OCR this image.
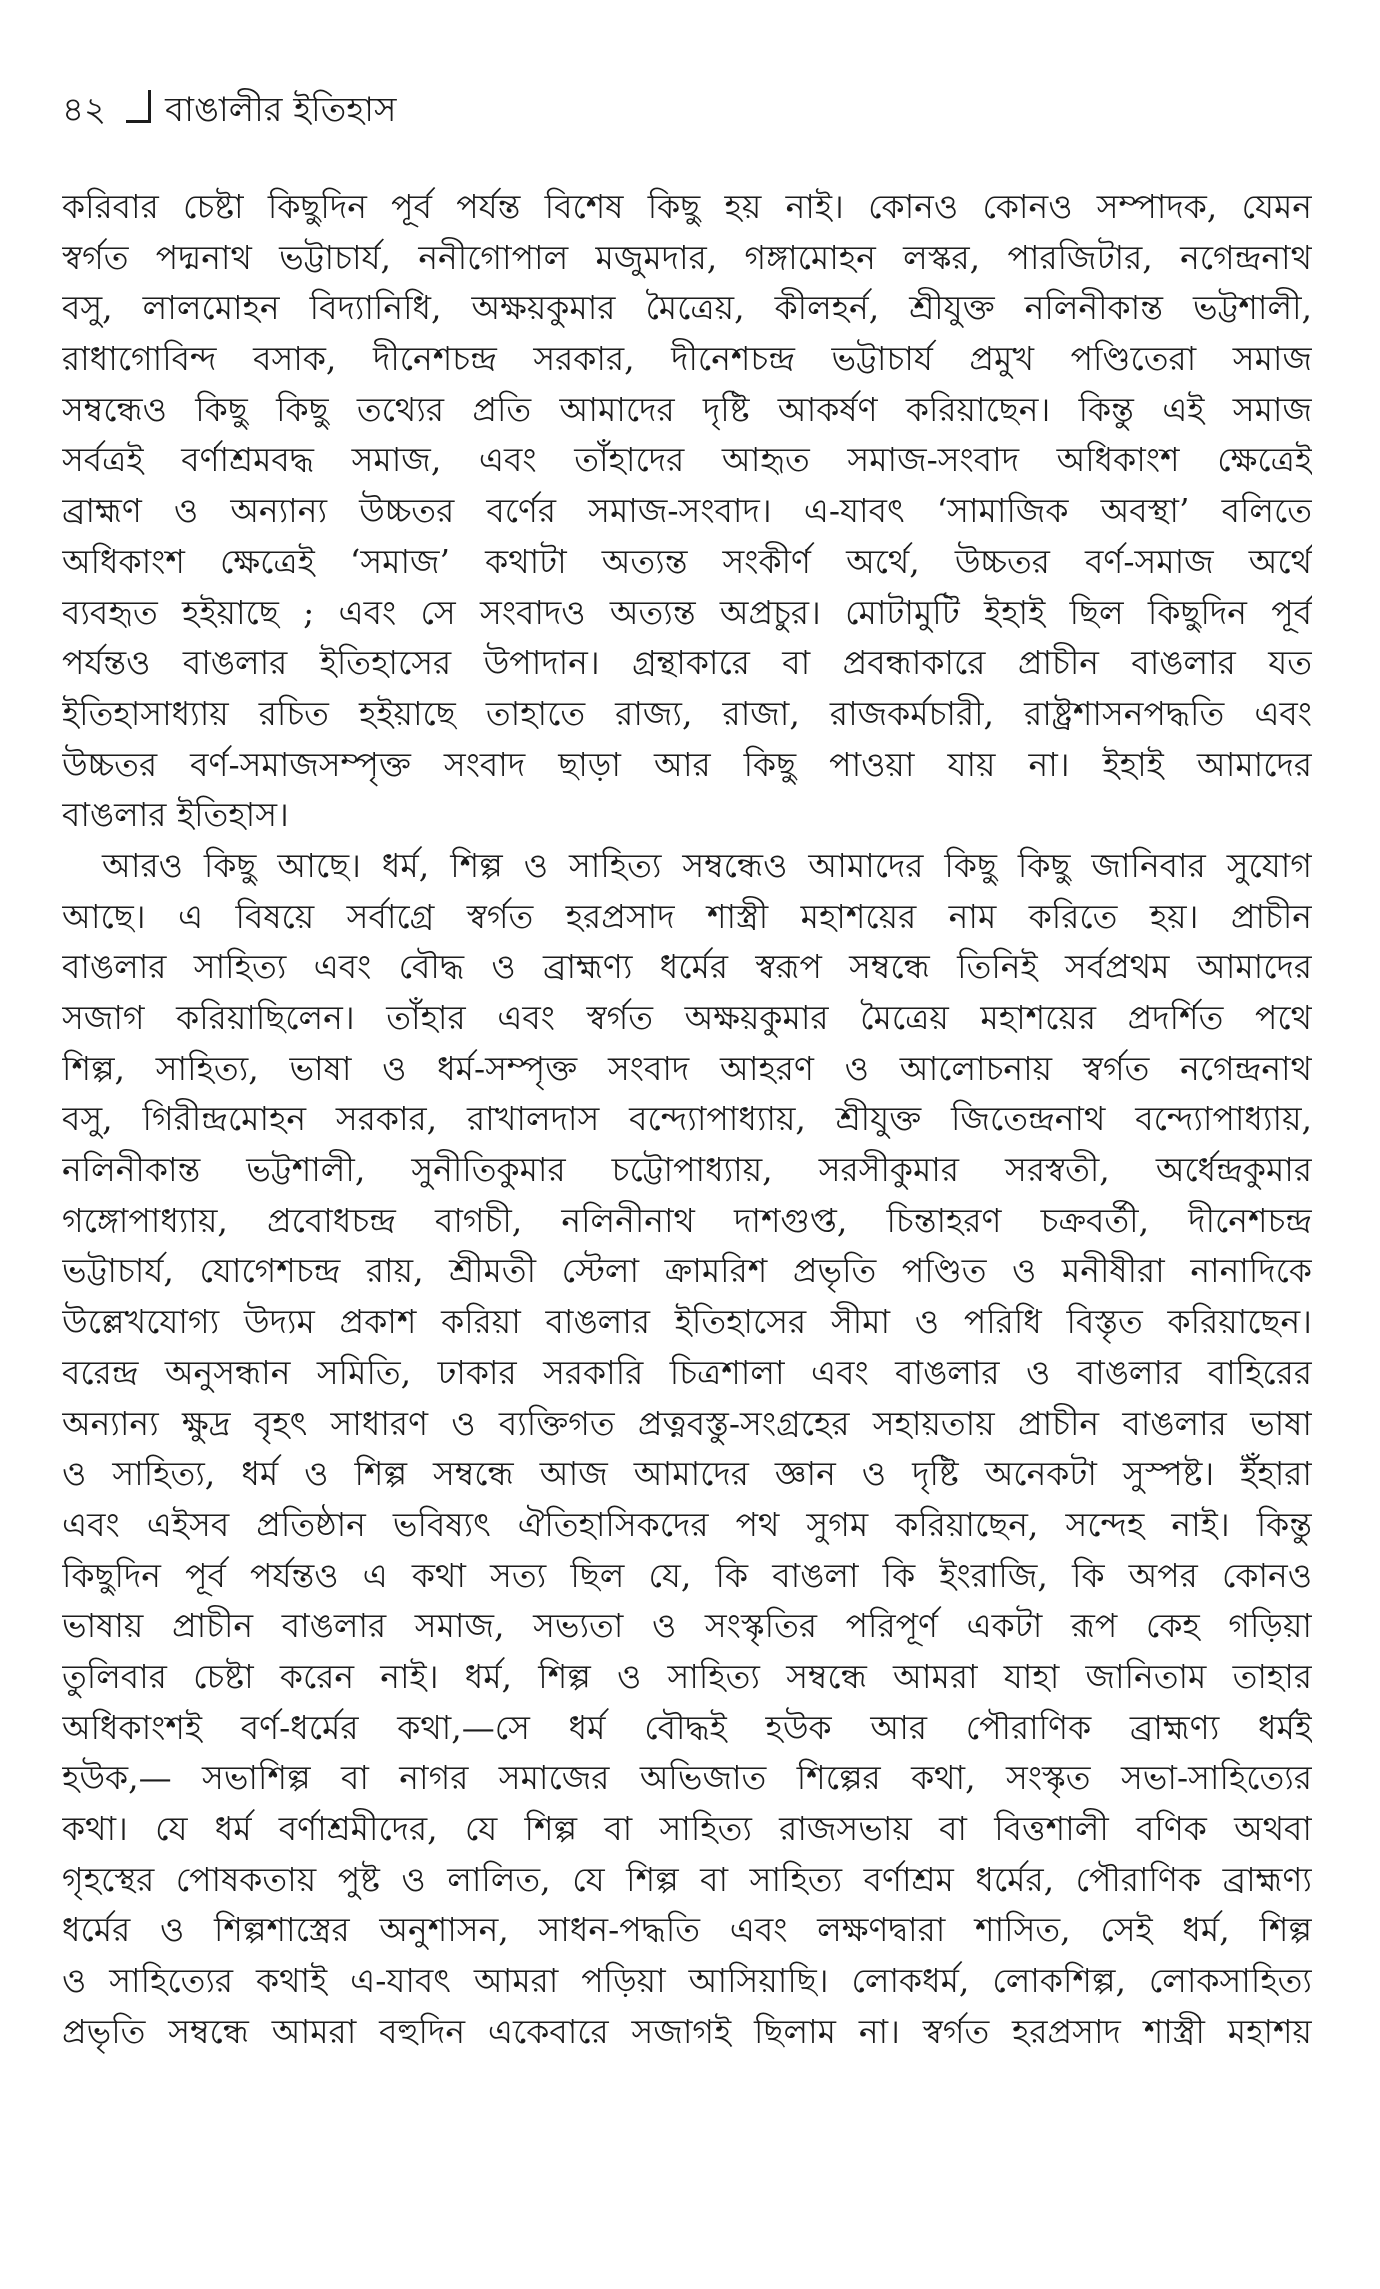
৪২ বাঙালীর ইতিহাস
করিবার চেষ্টা কিছুদিন পূর্ব পর্যন্ত বিশেষ কিছু হয় নাই। কোনও কোনও সম্পাদক, যেমন
স্বর্গত পদ্মনাথ ভট্টাচার্য, ননীগোপাল মজুমদার, গঙ্গামোহন লস্কর, পারজিটার, নগেন্দ্রনাথ
বসু, লালমোহন বিদ্যানিধি, অক্ষয়কুমার মৈত্রেয়, কীলহর্ন, শ্রীযুক্ত নলিনীকান্ত ভট্টশালী,
রাধাগোবিন্দ বসাক, দীনেশচন্দ্র সরকার, দীনেশচন্দ্র ভট্টাচার্য প্রমুখ পণ্ডিতেরা সমাজ
সম্বন্ধেও কিছু কিছু তথ্যের প্রতি আমাদের দৃষ্টি আকর্ষণ করিয়াছেন। কিন্তু এই সমাজ
সর্বত্রই বর্ণাশ্রমবদ্ধ সমাজ, এবং তাঁহাদের আহৃত সমাজ-সংবাদ অধিকাংশ ক্ষেত্রেই
ব্রাহ্মণ ও অন্যান্য উচ্চতর বর্ণের সমাজ-সংবাদ। এ-যাবৎ ‘সামাজিক অবস্থা’ বলিতে
অধিকাংশ ক্ষেত্রেই ‘সমাজ’ কথাটা অত্যন্ত সংকীর্ণ অর্থে, উচ্চতর বর্ণ-সমাজ অর্থে
ব্যবহৃত হইয়াছে ; এবং সে সংবাদও অত্যন্ত অপ্রচুর। মোটামুটি ইহাই ছিল কিছুদিন পূর্ব
পর্যন্তও বাঙলার ইতিহাসের উপাদান। গ্রন্থাকারে বা প্রবন্ধাকারে প্রাচীন বাঙলার যত
ইতিহাসাধ্যায় রচিত হইয়াছে তাহাতে রাজ্য, রাজা, রাজকর্মচারী, রাষ্ট্রশাসনপদ্ধতি এবং
উচ্চতর বর্ণ-সমাজসম্পৃক্ত সংবাদ ছাড়া আর কিছু পাওয়া যায় না। ইহাই আমাদের
বাঙলার ইতিহাস।
আরও কিছু আছে। ধর্ম, শিল্প ও সাহিত্য সম্বন্ধেও আমাদের কিছু কিছু জানিবার সুযোগ
আছে। এ বিষয়ে সর্বাগ্রে স্বর্গত হরপ্রসাদ শাস্ত্রী মহাশয়ের নাম করিতে হয়। প্রাচীন
বাঙলার সাহিত্য এবং বৌদ্ধ ও ব্রাহ্মণ্য ধর্মের স্বরূপ সম্বন্ধে তিনিই সর্বপ্রথম আমাদের
সজাগ করিয়াছিলেন। তাঁহার এবং স্বর্গত অক্ষয়কুমার মৈত্রেয় মহাশয়ের প্রদর্শিত পথে
শিল্প, সাহিত্য, ভাষা ও ধর্ম-সম্পৃক্ত সংবাদ আহরণ ও আলোচনায় স্বর্গত নগেন্দ্রনাথ
বসু, গিরীন্দ্রমোহন সরকার, রাখালদাস বন্দ্যোপাধ্যায়, শ্রীযুক্ত জিতেন্দ্রনাথ বন্দ্যোপাধ্যায়,
নলিনীকান্ত ভট্টশালী, সুনীতিকুমার চট্টোপাধ্যায়, সরসীকুমার সরস্বতী, অর্ধেন্দ্রকুমার
গঙ্গোপাধ্যায়, প্রবোধচন্দ্র বাগচী, নলিনীনাথ দাশগুপ্ত, চিন্তাহরণ চক্রবর্তী, দীনেশচন্দ্র
ভট্টাচার্য, যোগেশচন্দ্র রায়, শ্রীমতী স্টেলা ক্রামরিশ প্রভৃতি পণ্ডিত ও মনীষীরা নানাদিকে
উল্লেখযোগ্য উদ্যম প্রকাশ করিয়া বাঙলার ইতিহাসের সীমা ও পরিধি বিস্তৃত করিয়াছেন।
বরেন্দ্র অনুসন্ধান সমিতি, ঢাকার সরকারি চিত্রশালা এবং বাঙলার ও বাঙলার বাহিরের
অন্যান্য ক্ষুদ্র বৃহৎ সাধারণ ও ব্যক্তিগত প্রত্নবস্তু-সংগ্রহের সহায়তায় প্রাচীন বাঙলার ভাষা
ও সাহিত্য, ধর্ম ও শিল্প সম্বন্ধে আজ আমাদের জ্ঞান ও দৃষ্টি অনেকটা সুস্পষ্ট। ইঁহারা
এবং এইসব প্রতিষ্ঠান ভবিষ্যৎ ঐতিহাসিকদের পথ সুগম করিয়াছেন, সন্দেহ নাই। কিন্তু
কিছুদিন পূর্ব পর্যন্তও এ কথা সত্য ছিল যে, কি বাঙলা কি ইংরাজি, কি অপর কোনও
ভাষায় প্রাচীন বাঙলার সমাজ, সভ্যতা ও সংস্কৃতির পরিপূর্ণ একটা রূপ কেহ গড়িয়া
তুলিবার চেষ্টা করেন নাই। ধর্ম, শিল্প ও সাহিত্য সম্বন্ধে আমরা যাহা জানিতাম তাহার
অধিকাংশই বর্ণ-ধর্মের কথা,—সে ধর্ম বৌদ্ধই হউক আর পৌরাণিক ব্রাহ্মণ্য ধর্মই
হউক,— সভাশিল্প বা নাগর সমাজের অভিজাত শিল্পের কথা, সংস্কৃত সভা-সাহিত্যের
কথা। যে ধর্ম বর্ণাশ্রমীদের, যে শিল্প বা সাহিত্য রাজসভায় বা বিত্তশালী বণিক অথবা
গৃহস্থের পোষকতায় পুষ্ট ও লালিত, যে শিল্প বা সাহিত্য বর্ণাশ্রম ধর্মের, পৌরাণিক ব্রাহ্মণ্য
ধর্মের ও শিল্পশাস্ত্রের অনুশাসন, সাধন-পদ্ধতি এবং লক্ষণদ্বারা শাসিত, সেই ধর্ম, শিল্প
ও সাহিত্যের কথাই এ-যাবৎ আমরা পড়িয়া আসিয়াছি। লোকধর্ম, লোকশিল্প, লোকসাহিত্য
প্রভৃতি সম্বন্ধে আমরা বহুদিন একেবারে সজাগই ছিলাম না। স্বর্গত হরপ্রসাদ শাস্ত্রী মহাশয়
